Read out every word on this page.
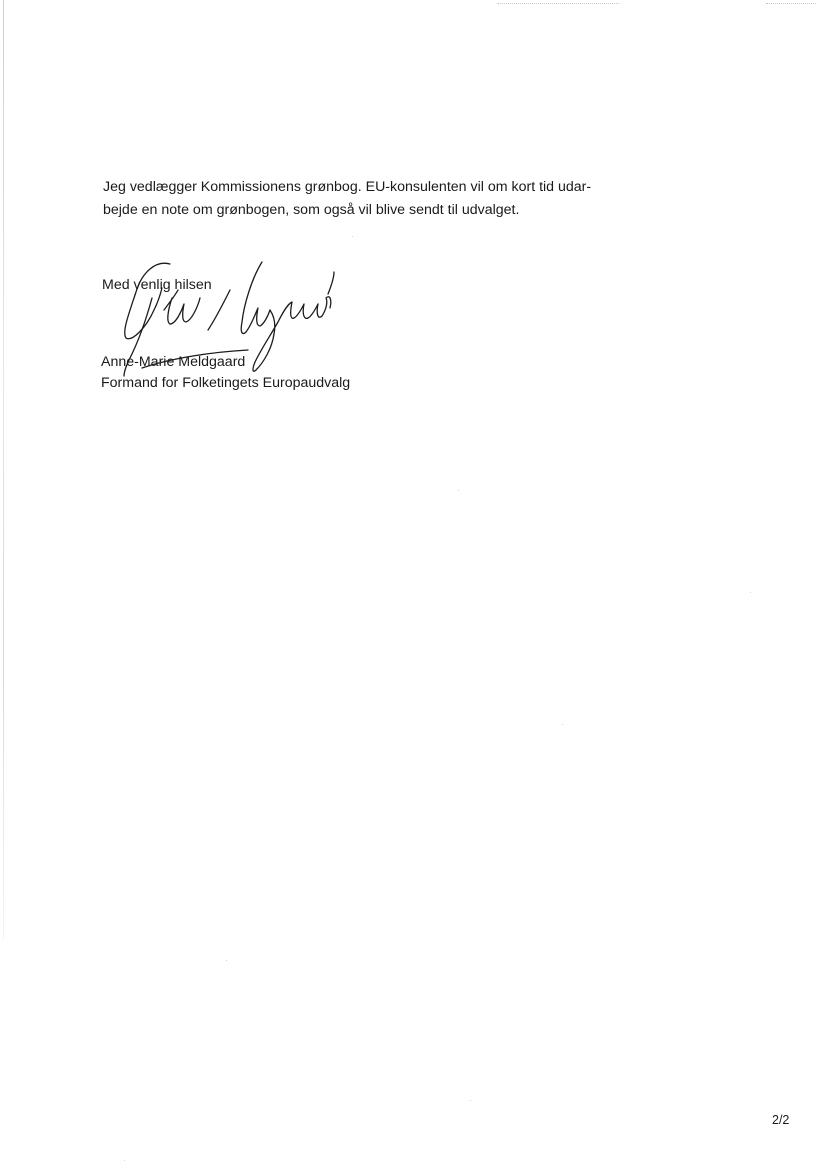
Jeg vedlægger Kommissionens grønbog. EU-konsulenten vil om kort tid udar-
bejde en note om grønbogen, som også vil blive sendt til udvalget.

Med venlig hilsen

Anne-Marie Meldgaard

Formand for Folketingets Europaudvalg

2/2
